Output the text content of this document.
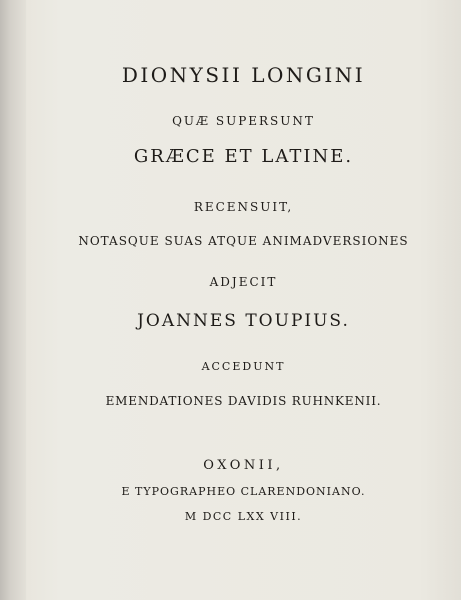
DIONYSII LONGINI
QUÆ SUPERSUNT
GRÆCE ET LATINE.
RECENSUIT,
NOTASQUE SUAS ATQUE ANIMADVERSIONES
ADJECIT
JOANNES TOUPIUS.
ACCEDUNT
EMENDATIONES DAVIDIS RUHNKENII.
OXONII,
E TYPOGRAPHEO CLARENDONIANO.
M DCC LXX VIII.
